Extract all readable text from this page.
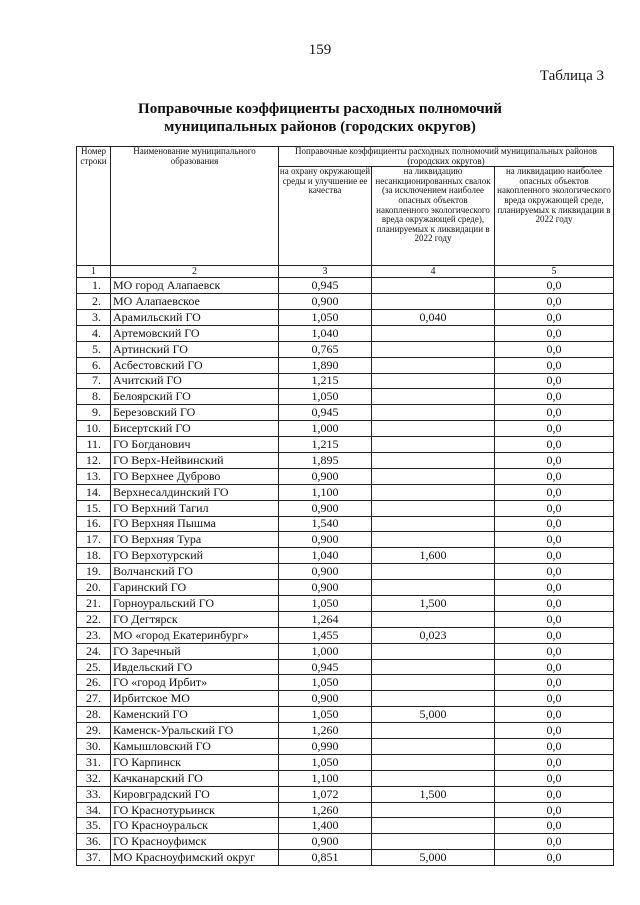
159
Таблица 3
Поправочные коэффициенты расходных полномочий
муниципальных районов (городских округов)
Номер строки	Наименование муниципального образования	Поправочные коэффициенты расходных полномочий муниципальных районов (городских округов)		
		на охрану окружающей среды и улучшение ее качества	на ликвидацию несанкционированных свалок (за исключением наиболее опасных объектов накопленного экологического вреда окружающей среде), планируемых к ликвидации в 2022 году	на ликвидацию наиболее опасных объектов накопленного экологического вреда окружающей среде, планируемых к ликвидации в 2022 году
1	2	3	4	5
1.	МО город Алапаевск	0,945		0,0
2.	МО Алапаевское	0,900		0,0
3.	Арамильский ГО	1,050	0,040	0,0
4.	Артемовский ГО	1,040		0,0
5.	Артинский ГО	0,765		0,0
6.	Асбестовский ГО	1,890		0,0
7.	Ачитский ГО	1,215		0,0
8.	Белоярский ГО	1,050		0,0
9.	Березовский ГО	0,945		0,0
10.	Бисертский ГО	1,000		0,0
11.	ГО Богданович	1,215		0,0
12.	ГО Верх-Нейвинский	1,895		0,0
13.	ГО Верхнее Дуброво	0,900		0,0
14.	Верхнесалдинский ГО	1,100		0,0
15.	ГО Верхний Тагил	0,900		0,0
16.	ГО Верхняя Пышма	1,540		0,0
17.	ГО Верхняя Тура	0,900		0,0
18.	ГО Верхотурский	1,040	1,600	0,0
19.	Волчанский ГО	0,900		0,0
20.	Гаринский ГО	0,900		0,0
21.	Горноуральский ГО	1,050	1,500	0,0
22.	ГО Дегтярск	1,264		0,0
23.	МО «город Екатеринбург»	1,455	0,023	0,0
24.	ГО Заречный	1,000		0,0
25.	Ивдельский ГО	0,945		0,0
26.	ГО «город Ирбит»	1,050		0,0
27.	Ирбитское МО	0,900		0,0
28.	Каменский ГО	1,050	5,000	0,0
29.	Каменск-Уральский ГО	1,260		0,0
30.	Камышловский ГО	0,990		0,0
31.	ГО Карпинск	1,050		0,0
32.	Качканарский ГО	1,100		0,0
33.	Кировградский ГО	1,072	1,500	0,0
34.	ГО Краснотурьинск	1,260		0,0
35.	ГО Красноуральск	1,400		0,0
36.	ГО Красноуфимск	0,900		0,0
37.	МО Красноуфимский округ	0,851	5,000	0,0
